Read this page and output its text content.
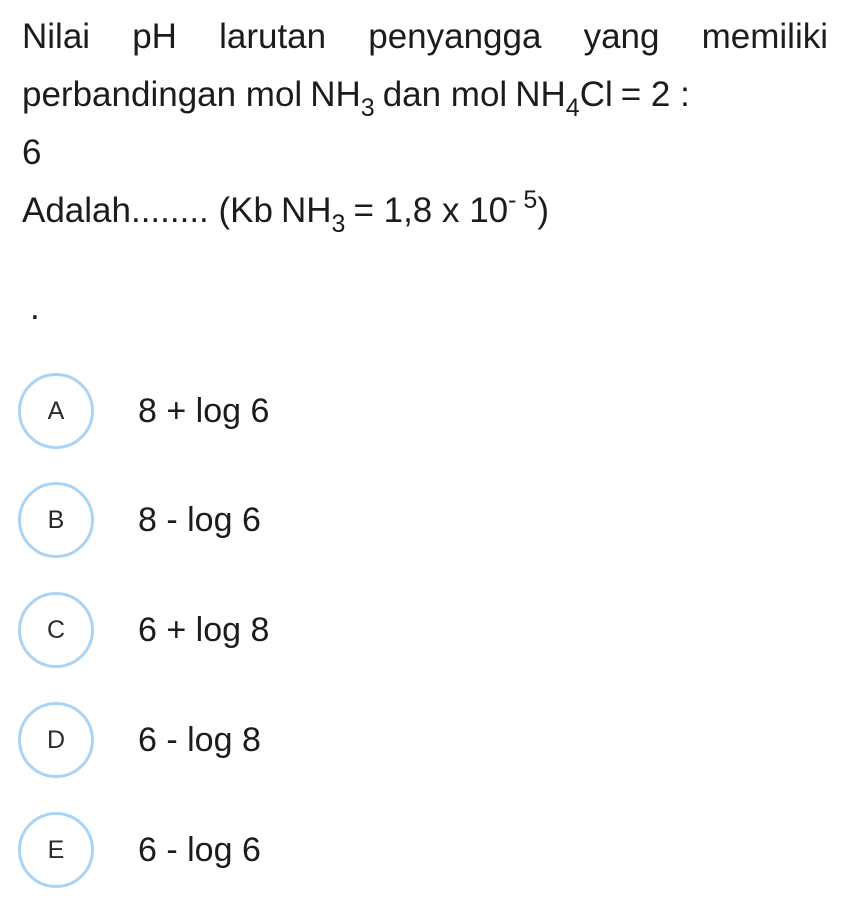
Nilai pH larutan penyangga yang memiliki
perbandingan mol $NH_3$ dan mol $NH_4Cl = 2$ :
6
Adalah........ (Kb $NH_3 = 1,8$ x $10^{- 5}$)
.
A 8 + log 6
B 8 - log 6
C 6 + log 8
D 6 - log 8
E 6 - log 6
